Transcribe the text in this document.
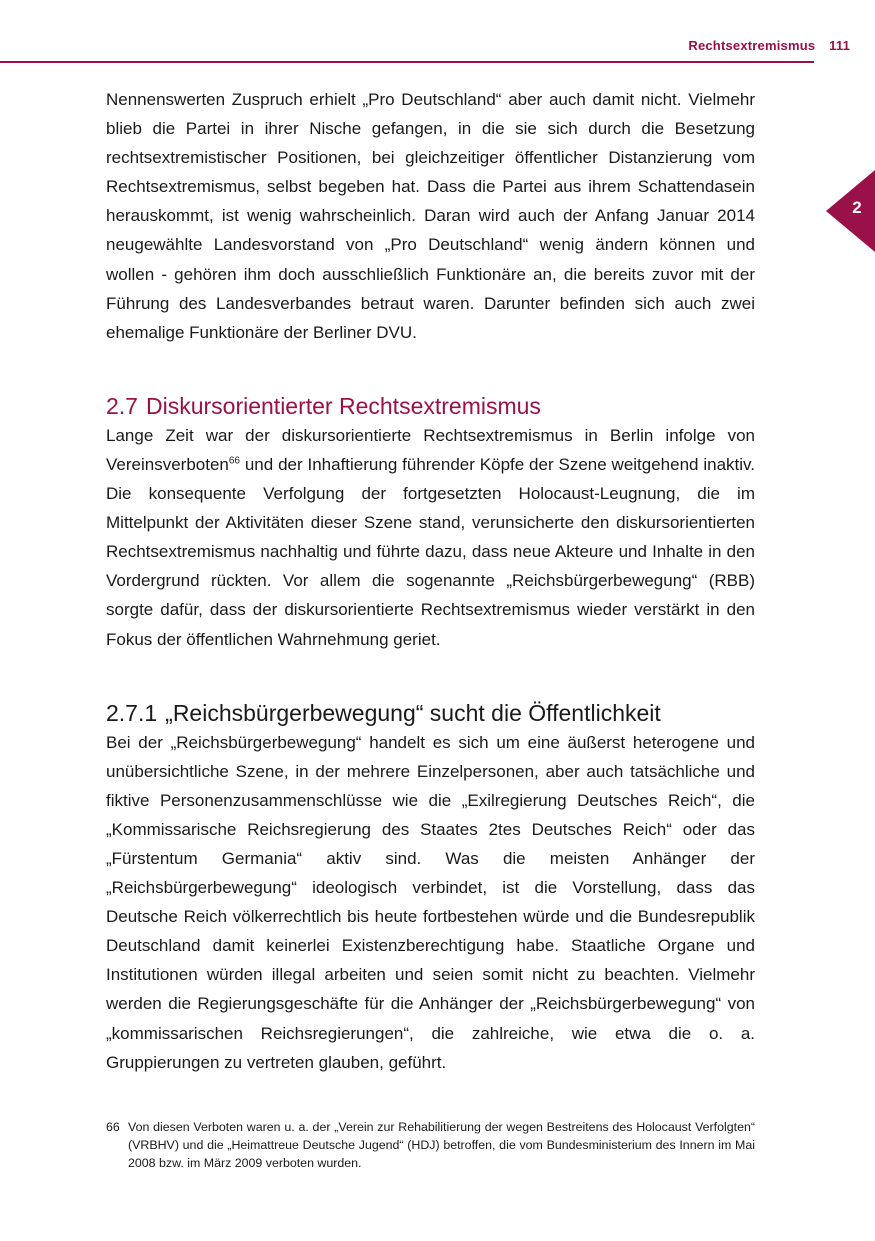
Rechtsextremismus 111
2

Nennenswerten Zuspruch erhielt „Pro Deutschland“ aber auch damit nicht. Vielmehr blieb die Partei in ihrer Nische gefangen, in die sie sich durch die Besetzung rechtsextremistischer Positionen, bei gleichzeitiger öffentlicher Distanzierung vom Rechtsextremismus, selbst begeben hat. Dass die Partei aus ihrem Schattendasein herauskommt, ist wenig wahrscheinlich. Daran wird auch der Anfang Januar 2014 neugewählte Landesvorstand von „Pro Deutschland“ wenig ändern können und wollen - gehören ihm doch ausschließlich Funktionäre an, die bereits zuvor mit der Führung des Landesverbandes betraut waren. Darunter befinden sich auch zwei ehemalige Funktionäre der Berliner DVU.

2.7 Diskursorientierter Rechtsextremismus

Lange Zeit war der diskursorientierte Rechtsextremismus in Berlin infolge von Vereinsverboten$^{66}$ und der Inhaftierung führender Köpfe der Szene weitgehend inaktiv. Die konsequente Verfolgung der fortgesetzten Holocaust-Leugnung, die im Mittelpunkt der Aktivitäten dieser Szene stand, verunsicherte den diskursorientierten Rechtsextremismus nachhaltig und führte dazu, dass neue Akteure und Inhalte in den Vordergrund rückten. Vor allem die sogenannte „Reichsbürgerbewegung“ (RBB) sorgte dafür, dass der diskursorientierte Rechtsextremismus wieder verstärkt in den Fokus der öffentlichen Wahrnehmung geriet.

2.7.1 „Reichsbürgerbewegung“ sucht die Öffentlichkeit

Bei der „Reichsbürgerbewegung“ handelt es sich um eine äußerst heterogene und unübersichtliche Szene, in der mehrere Einzelpersonen, aber auch tatsächliche und fiktive Personenzusammenschlüsse wie die „Exilregierung Deutsches Reich“, die „Kommissarische Reichsregierung des Staates 2tes Deutsches Reich“ oder das „Fürstentum Germania“ aktiv sind. Was die meisten Anhänger der „Reichsbürgerbewegung“ ideologisch verbindet, ist die Vorstellung, dass das Deutsche Reich völkerrechtlich bis heute fortbestehen würde und die Bundesrepublik Deutschland damit keinerlei Existenzberechtigung habe. Staatliche Organe und Institutionen würden illegal arbeiten und seien somit nicht zu beachten. Vielmehr werden die Regierungsgeschäfte für die Anhänger der „Reichsbürgerbewegung“ von „kommissarischen Reichsregierungen“, die zahlreiche, wie etwa die o. a. Gruppierungen zu vertreten glauben, geführt.

66 Von diesen Verboten waren u. a. der „Verein zur Rehabilitierung der wegen Bestreitens des Holocaust Verfolgten“ (VRBHV) und die „Heimattreue Deutsche Jugend“ (HDJ) betroffen, die vom Bundesministerium des Innern im Mai 2008 bzw. im März 2009 verboten wurden.
